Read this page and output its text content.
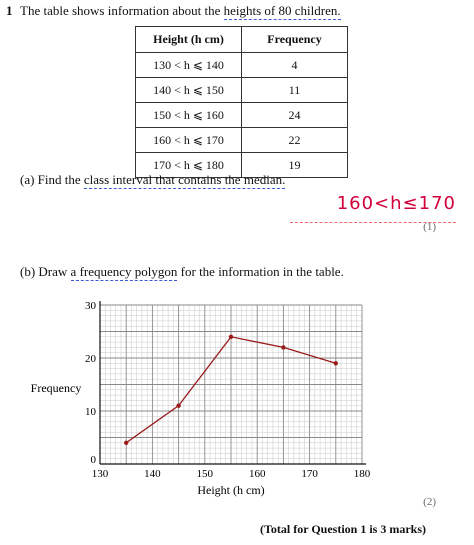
1 The table shows information about the heights of 80 children.
Height (h cm)	Frequency
130 < h ⩽ 140	4
140 < h ⩽ 150	11
150 < h ⩽ 160	24
160 < h ⩽ 170	22
170 < h ⩽ 180	19
(a) Find the class interval that contains the median.
160<h≤170
(1)
(b) Draw a frequency polygon for the information in the table.
130	140	150	160	170	180
0
10
20
30
Height (h cm)
Frequency
(2)
(Total for Question 1 is 3 marks)
